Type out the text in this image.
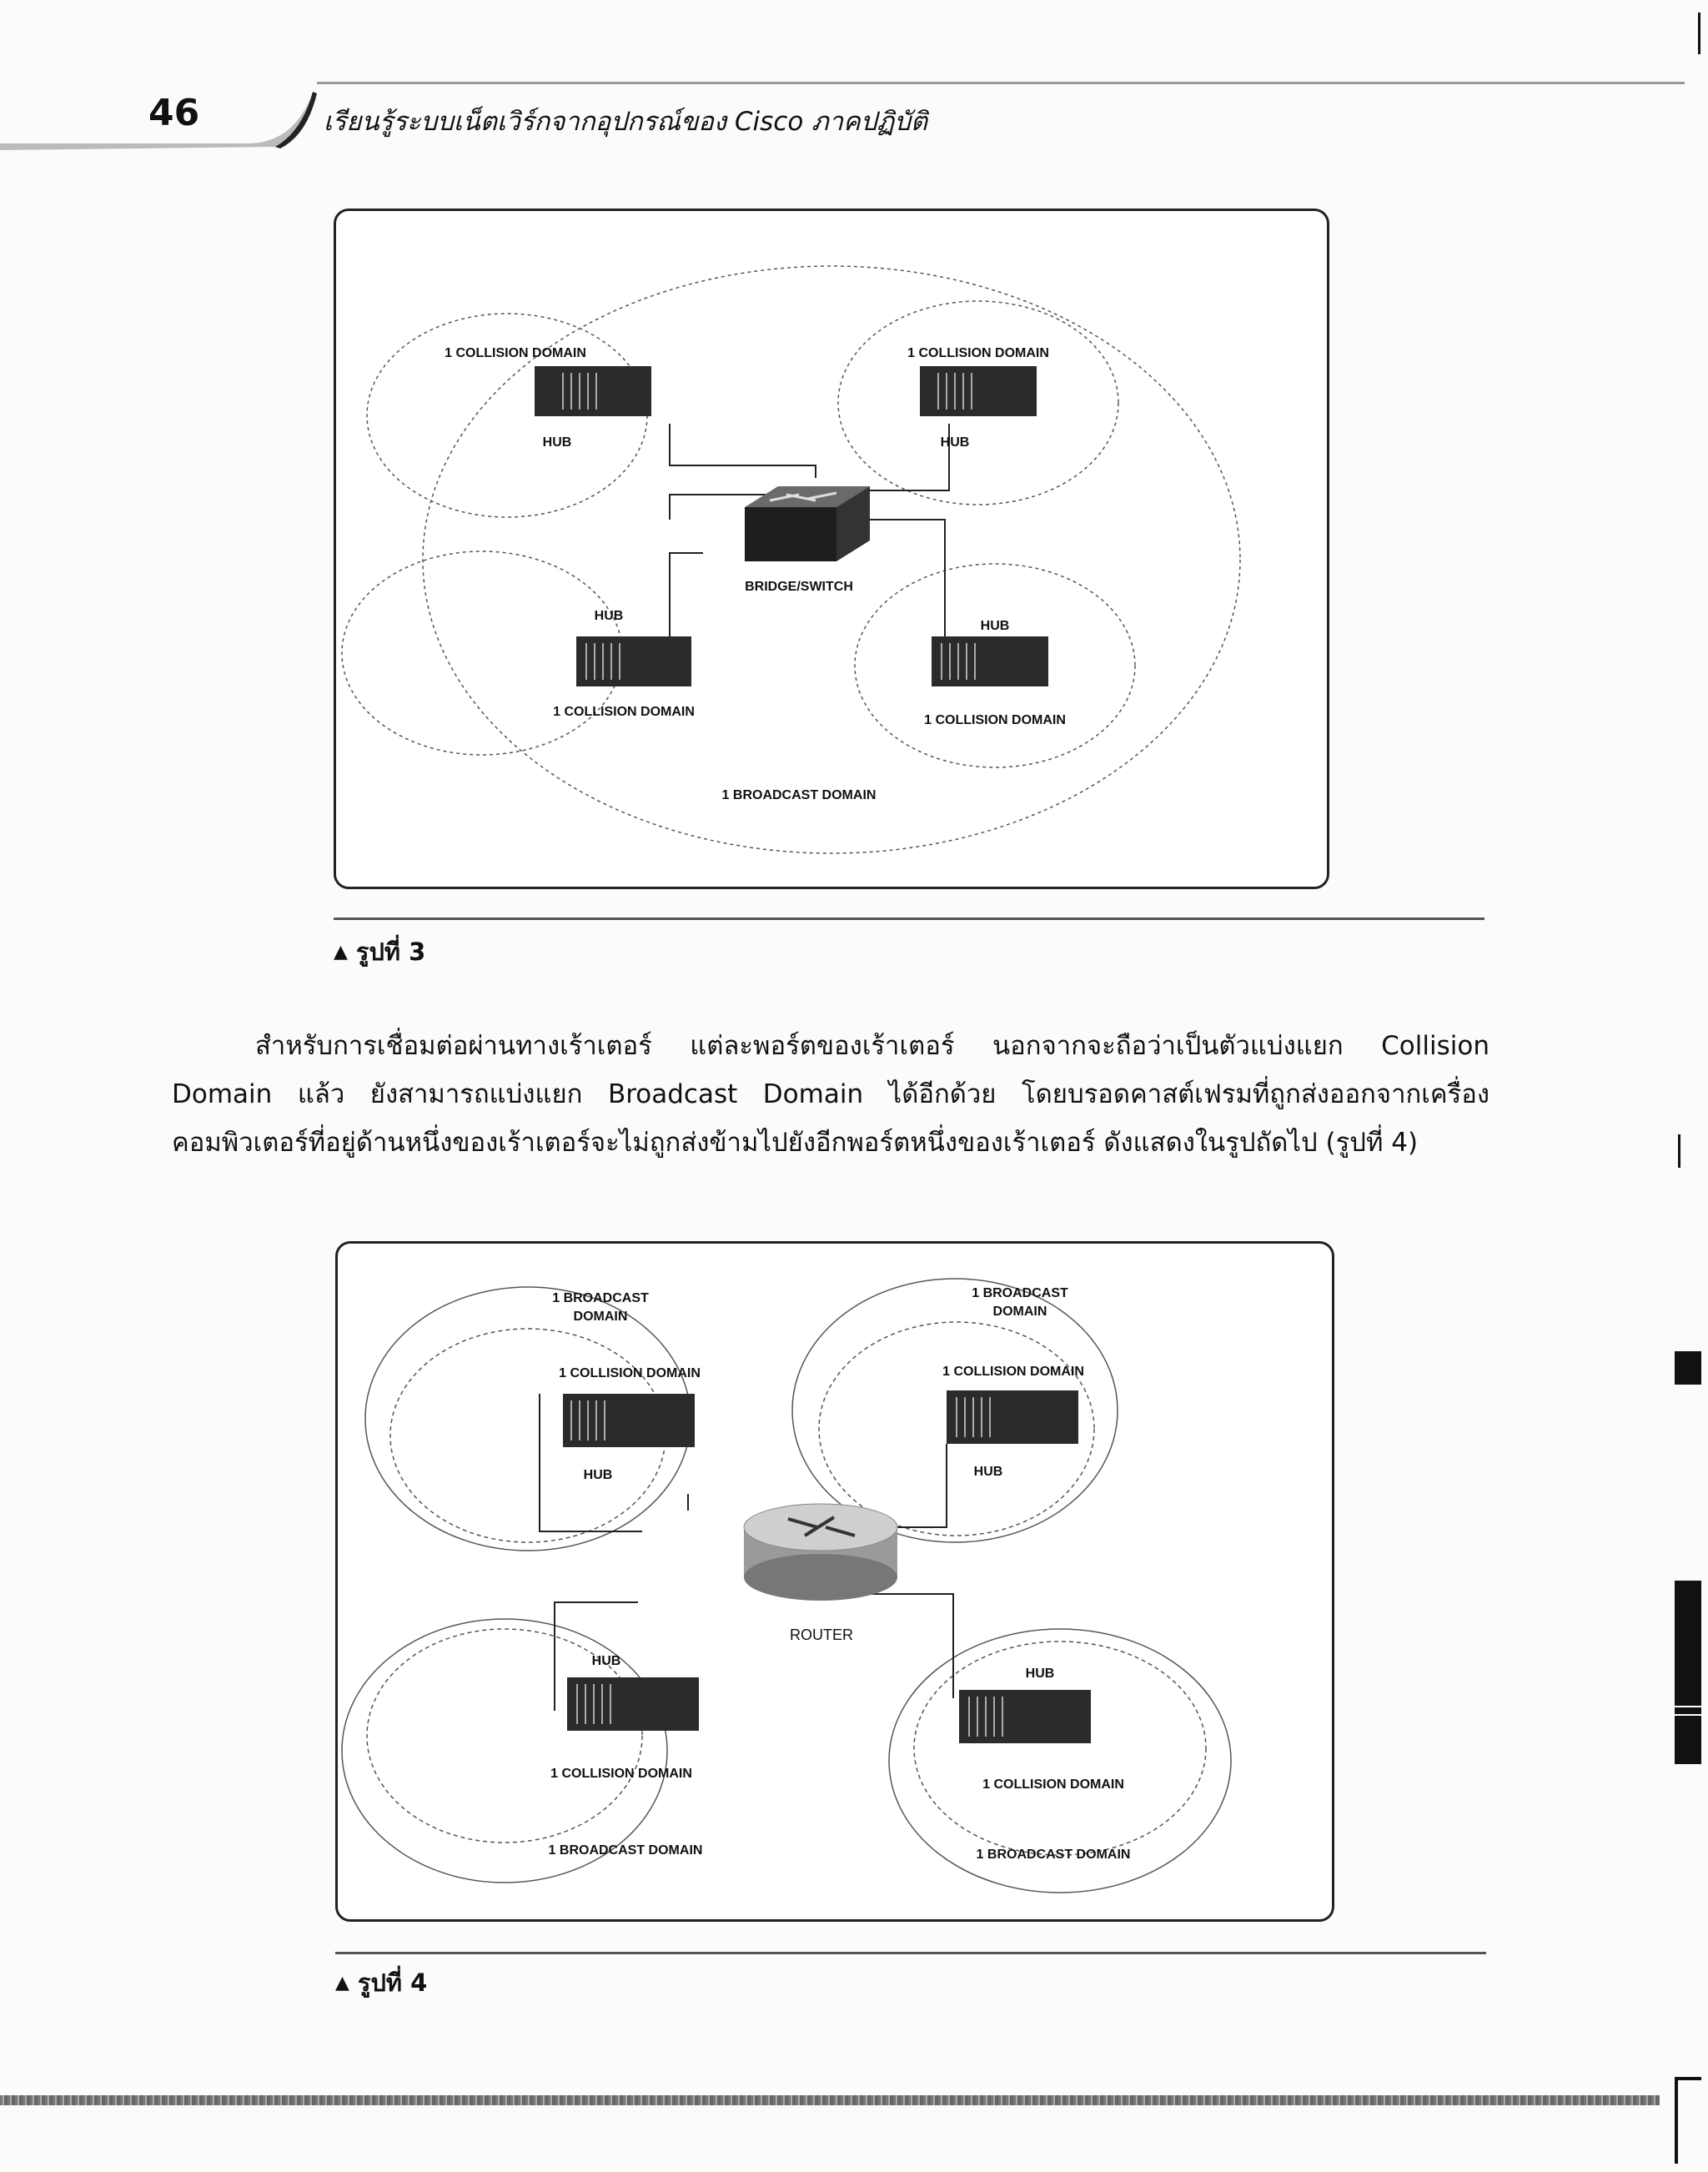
46	เรียนรู้ระบบเน็ตเวิร์กจากอุปกรณ์ของ Cisco ภาคปฏิบัติ
1 COLLISION DOMAIN	1 COLLISION DOMAIN
HUB	HUB
BRIDGE/SWITCH
HUB
HUB
1 COLLISION DOMAIN
1 COLLISION DOMAIN
1 BROADCAST DOMAIN
▲ รูปที่ 3

สำหรับการเชื่อมต่อผ่านทางเร้าเตอร์ แต่ละพอร์ตของเร้าเตอร์ นอกจากจะถือว่าเป็นตัวแบ่งแยก Collision Domain แล้ว ยังสามารถแบ่งแยก Broadcast Domain ได้อีกด้วย โดยบรอดคาสต์เฟรมที่ถูกส่งออกจากเครื่องคอมพิวเตอร์ที่อยู่ด้านหนึ่งของเร้าเตอร์จะไม่ถูกส่งข้ามไปยังอีกพอร์ตหนึ่งของเร้าเตอร์ ดังแสดงในรูปถัดไป (รูปที่ 4)

1 BROADCAST
DOMAIN
1 BROADCAST
DOMAIN
1 COLLISION DOMAIN	1 COLLISION DOMAIN
HUB	HUB
HUB
HUB
1 COLLISION DOMAIN
1 COLLISION DOMAIN
1 BROADCAST DOMAIN	1 BROADCAST DOMAIN
ROUTER
▲ รูปที่ 4
